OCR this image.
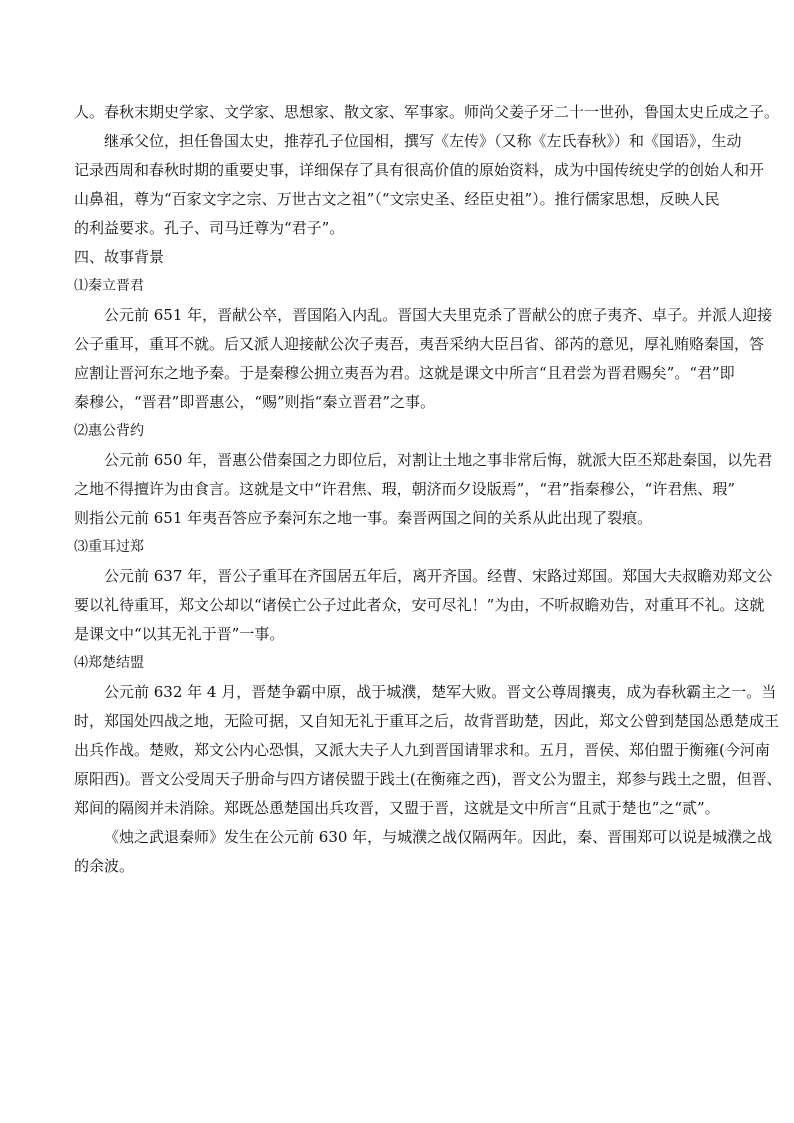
人。春秋末期史学家、文学家、思想家、散文家、军事家。师尚父姜子牙二十一世孙，鲁国太史丘成之子。

继承父位，担任鲁国太史，推荐孔子位国相，撰写《左传》（又称《左氏春秋》）和《国语》，生动

记录西周和春秋时期的重要史事，详细保存了具有很高价值的原始资料，成为中国传统史学的创始人和开

山鼻祖，尊为“百家文字之宗、万世古文之祖”（“文宗史圣、经臣史祖”）。推行儒家思想，反映人民

的利益要求。孔子、司马迁尊为“君子”。

四、故事背景

⑴秦立晋君

公元前 651 年，晋献公卒，晋国陷入内乱。晋国大夫里克杀了晋献公的庶子夷齐、卓子。并派人迎接

公子重耳，重耳不就。后又派人迎接献公次子夷吾，夷吾采纳大臣吕省、郤芮的意见，厚礼贿赂秦国，答

应割让晋河东之地予秦。于是秦穆公拥立夷吾为君。这就是课文中所言“且君尝为晋君赐矣”。“君”即

秦穆公，“晋君”即晋惠公，“赐”则指“秦立晋君”之事。

⑵惠公背约

公元前 650 年，晋惠公借秦国之力即位后，对割让土地之事非常后悔，就派大臣丕郑赴秦国，以先君

之地不得擅许为由食言。这就是文中“许君焦、瑕，朝济而夕设版焉”，“君”指秦穆公，“许君焦、瑕”

则指公元前 651 年夷吾答应予秦河东之地一事。秦晋两国之间的关系从此出现了裂痕。

⑶重耳过郑

公元前 637 年，晋公子重耳在齐国居五年后，离开齐国。经曹、宋路过郑国。郑国大夫叔瞻劝郑文公

要以礼待重耳，郑文公却以“诸侯亡公子过此者众，安可尽礼！”为由，不听叔瞻劝告，对重耳不礼。这就

是课文中“以其无礼于晋”一事。

⑷郑楚结盟

公元前 632 年 4 月，晋楚争霸中原，战于城濮，楚军大败。晋文公尊周攘夷，成为春秋霸主之一。当

时，郑国处四战之地，无险可据，又自知无礼于重耳之后，故背晋助楚，因此，郑文公曾到楚国怂恿楚成王

出兵作战。楚败，郑文公内心恐惧，又派大夫子人九到晋国请罪求和。五月，晋侯、郑伯盟于衡雍(今河南

原阳西)。晋文公受周天子册命与四方诸侯盟于践土(在衡雍之西)，晋文公为盟主，郑参与践土之盟，但晋、

郑间的隔阂并未消除。郑既怂恿楚国出兵攻晋，又盟于晋，这就是文中所言“且贰于楚也”之“贰”。

《烛之武退秦师》发生在公元前 630 年，与城濮之战仅隔两年。因此，秦、晋围郑可以说是城濮之战

的余波。
